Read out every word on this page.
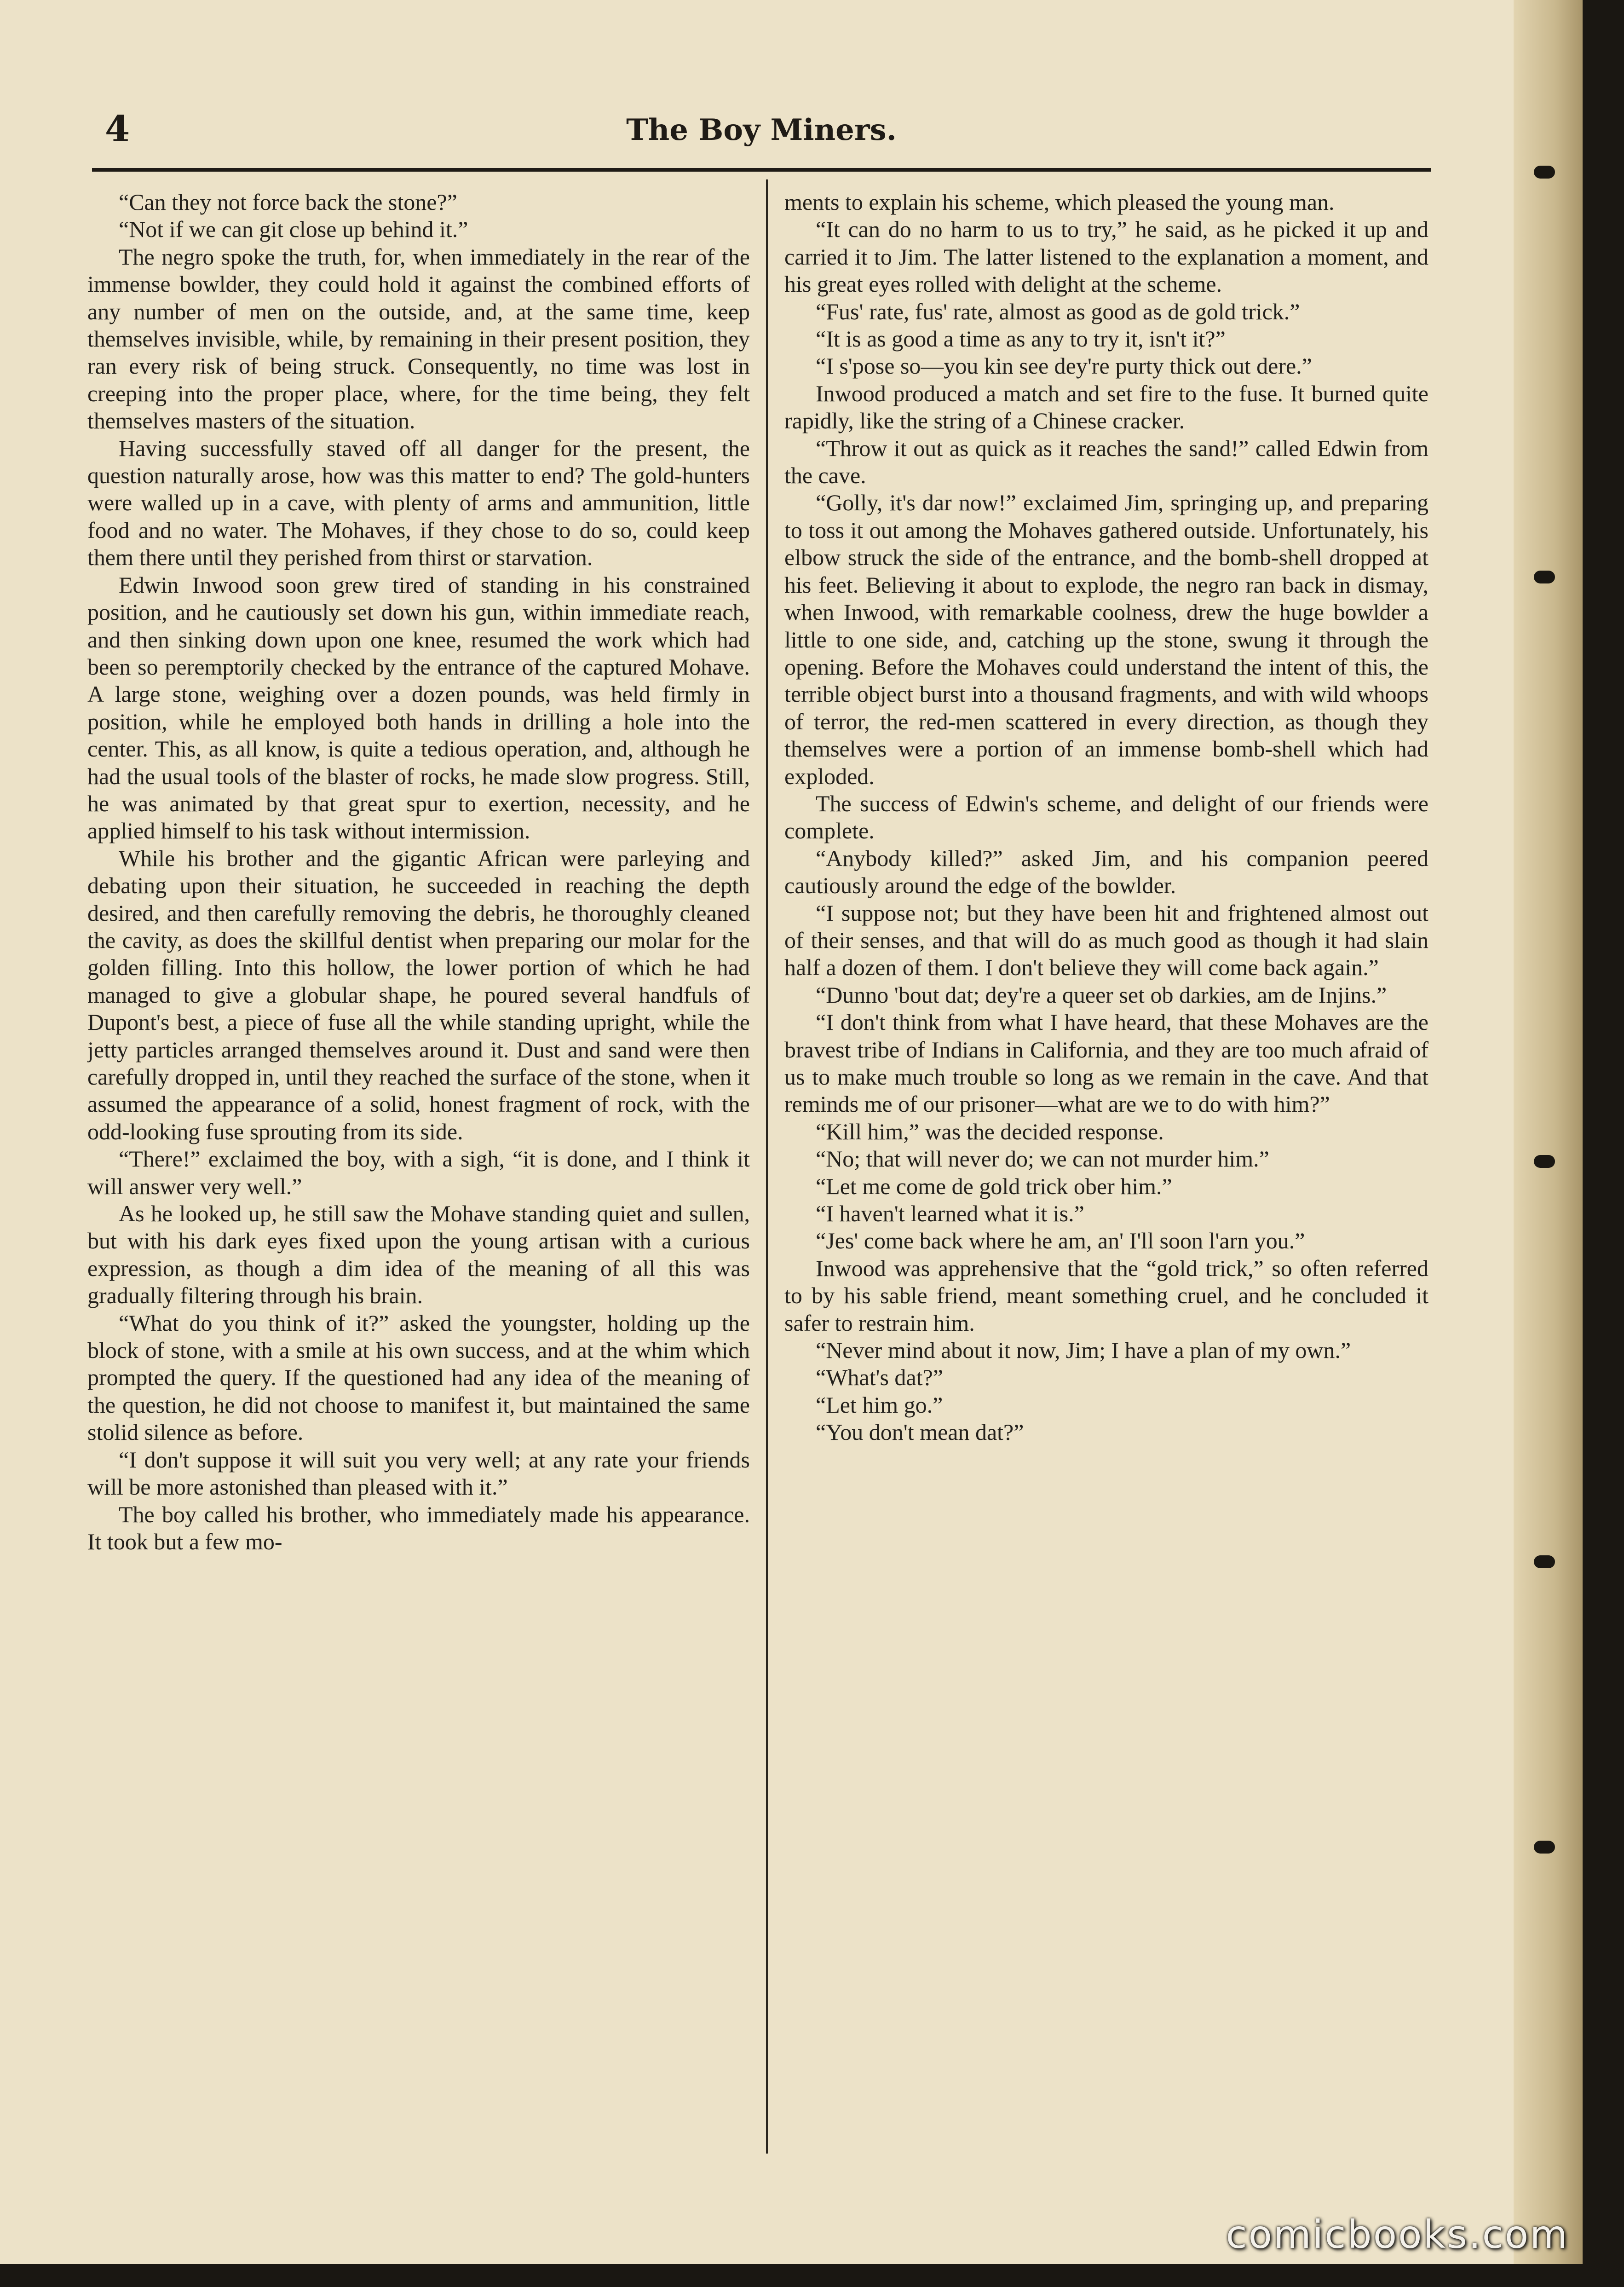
4	The Boy Miners.

“Can they not force back the stone?”

“Not if we can git close up behind it.”

The negro spoke the truth, for, when immediately in the rear of the immense bowlder, they could hold it against the combined efforts of any number of men on the outside, and, at the same time, keep themselves invisible, while, by remaining in their present position, they ran every risk of being struck. Consequently, no time was lost in creeping into the proper place, where, for the time being, they felt themselves masters of the situation.

Having successfully staved off all danger for the present, the question naturally arose, how was this matter to end? The gold-hunters were walled up in a cave, with plenty of arms and ammunition, little food and no water. The Mohaves, if they chose to do so, could keep them there until they perished from thirst or starvation.

Edwin Inwood soon grew tired of standing in his constrained position, and he cautiously set down his gun, within immediate reach, and then sinking down upon one knee, resumed the work which had been so peremptorily checked by the entrance of the captured Mohave. A large stone, weighing over a dozen pounds, was held firmly in position, while he employed both hands in drilling a hole into the center. This, as all know, is quite a tedious operation, and, although he had the usual tools of the blaster of rocks, he made slow progress. Still, he was animated by that great spur to exertion, necessity, and he applied himself to his task without intermission.

While his brother and the gigantic African were parleying and debating upon their situation, he succeeded in reaching the depth desired, and then carefully removing the debris, he thoroughly cleaned the cavity, as does the skillful dentist when preparing our molar for the golden filling. Into this hollow, the lower portion of which he had managed to give a globular shape, he poured several handfuls of Dupont's best, a piece of fuse all the while standing upright, while the jetty particles arranged themselves around it. Dust and sand were then carefully dropped in, until they reached the surface of the stone, when it assumed the appearance of a solid, honest fragment of rock, with the odd-looking fuse sprouting from its side.

“There!” exclaimed the boy, with a sigh, “it is done, and I think it will answer very well.”

As he looked up, he still saw the Mohave standing quiet and sullen, but with his dark eyes fixed upon the young artisan with a curious expression, as though a dim idea of the meaning of all this was gradually filtering through his brain.

“What do you think of it?” asked the youngster, holding up the block of stone, with a smile at his own success, and at the whim which prompted the query. If the questioned had any idea of the meaning of the question, he did not choose to manifest it, but maintained the same stolid silence as before.

“I don't suppose it will suit you very well; at any rate your friends will be more astonished than pleased with it.”

The boy called his brother, who immediately made his appearance. It took but a few mo-

ments to explain his scheme, which pleased the young man.

“It can do no harm to us to try,” he said, as he picked it up and carried it to Jim. The latter listened to the explanation a moment, and his great eyes rolled with delight at the scheme.

“Fus' rate, fus' rate, almost as good as de gold trick.”

“It is as good a time as any to try it, isn't it?”

“I s'pose so—you kin see dey're purty thick out dere.”

Inwood produced a match and set fire to the fuse. It burned quite rapidly, like the string of a Chinese cracker.

“Throw it out as quick as it reaches the sand!” called Edwin from the cave.

“Golly, it's dar now!” exclaimed Jim, springing up, and preparing to toss it out among the Mohaves gathered outside. Unfortunately, his elbow struck the side of the entrance, and the bomb-shell dropped at his feet. Believing it about to explode, the negro ran back in dismay, when Inwood, with remarkable coolness, drew the huge bowlder a little to one side, and, catching up the stone, swung it through the opening. Before the Mohaves could understand the intent of this, the terrible object burst into a thousand fragments, and with wild whoops of terror, the red-men scattered in every direction, as though they themselves were a portion of an immense bomb-shell which had exploded.

The success of Edwin's scheme, and delight of our friends were complete.

“Anybody killed?” asked Jim, and his companion peered cautiously around the edge of the bowlder.

“I suppose not; but they have been hit and frightened almost out of their senses, and that will do as much good as though it had slain half a dozen of them. I don't believe they will come back again.”

“Dunno 'bout dat; dey're a queer set ob darkies, am de Injins.”

“I don't think from what I have heard, that these Mohaves are the bravest tribe of Indians in California, and they are too much afraid of us to make much trouble so long as we remain in the cave. And that reminds me of our prisoner—what are we to do with him?”

“Kill him,” was the decided response.

“No; that will never do; we can not murder him.”

“Let me come de gold trick ober him.”

“I haven't learned what it is.”

“Jes' come back where he am, an' I'll soon l'arn you.”

Inwood was apprehensive that the “gold trick,” so often referred to by his sable friend, meant something cruel, and he concluded it safer to restrain him.

“Never mind about it now, Jim; I have a plan of my own.”

“What's dat?”

“Let him go.”

“You don't mean dat?”

comicbooks.com
